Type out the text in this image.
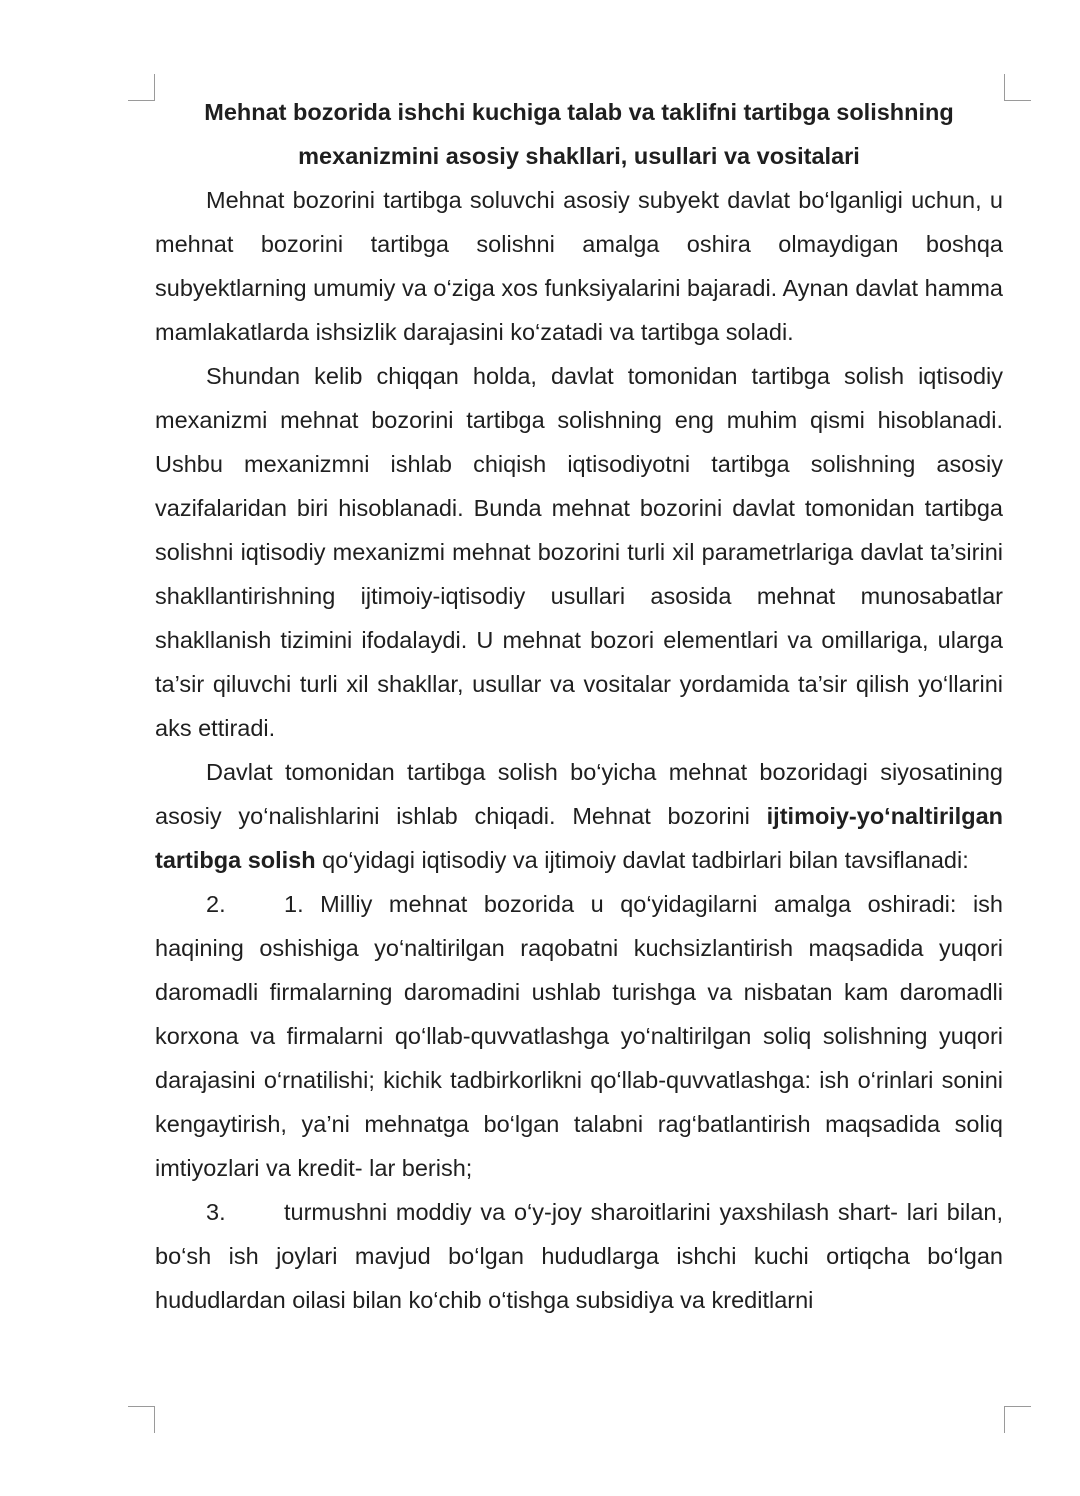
Mehnat bozorida ishchi kuchiga talab va taklifni tartibga solishning
mexanizmini asosiy shakllari, usullari va vositalari

Mehnat bozorini tartibga soluvchi asosiy subyekt davlat bo‘lganligi uchun, u mehnat bozorini tartibga solishni amalga oshira olmaydigan boshqa subyektlarning umumiy va o‘ziga xos funksiyalarini bajaradi. Aynan davlat hamma mamlakatlarda ishsizlik darajasini ko‘zatadi va tartibga soladi.

Shundan kelib chiqqan holda, davlat tomonidan tartibga solish iqtisodiy mexanizmi mehnat bozorini tartibga solishning eng muhim qismi hisoblanadi. Ushbu mexanizmni ishlab chiqish iqtisodiyotni tartibga solishning asosiy vazifalaridan biri hisoblanadi. Bunda mehnat bozorini davlat tomonidan tartibga solishni iqtisodiy mexanizmi mehnat bozorini turli xil parametrlariga davlat ta’sirini shakllantirishning ijtimoiy-iqtisodiy usullari asosida mehnat munosabatlar shakllanish tizimini ifodalaydi. U mehnat bozori elementlari va omillariga, ularga ta’sir qiluvchi turli xil shakllar, usullar va vositalar yordamida ta’sir qilish yo‘llarini aks ettiradi.

Davlat tomonidan tartibga solish bo‘yicha mehnat bozoridagi siyosatining asosiy yo‘nalishlarini ishlab chiqadi. Mehnat bozorini ijtimoiy-yo‘naltirilgan tartibga solish qo‘yidagi iqtisodiy va ijtimoiy davlat tadbirlari bilan tavsiflanadi:

2. 1. Milliy mehnat bozorida u qo‘yidagilarni amalga oshiradi: ish haqining oshishiga yo‘naltirilgan raqobatni kuchsizlantirish maqsadida yuqori daromadli firmalarning daromadini ushlab turishga va nisbatan kam daromadli korxona va firmalarni qo‘llab-quvvatlashga yo‘naltirilgan soliq solishning yuqori darajasini o‘rnatilishi; kichik tadbirkorlikni qo‘llab-quvvatlashga: ish o‘rinlari sonini kengaytirish, ya’ni mehnatga bo‘lgan talabni rag‘batlantirish maqsadida soliq imtiyozlari va kredit- lar berish;

3. turmushni moddiy va o‘y-joy sharoitlarini yaxshilash shart- lari bilan, bo‘sh ish joylari mavjud bo‘lgan hududlarga ishchi kuchi ortiqcha bo‘lgan hududlardan oilasi bilan ko‘chib o‘tishga subsidiya va kreditlarni
